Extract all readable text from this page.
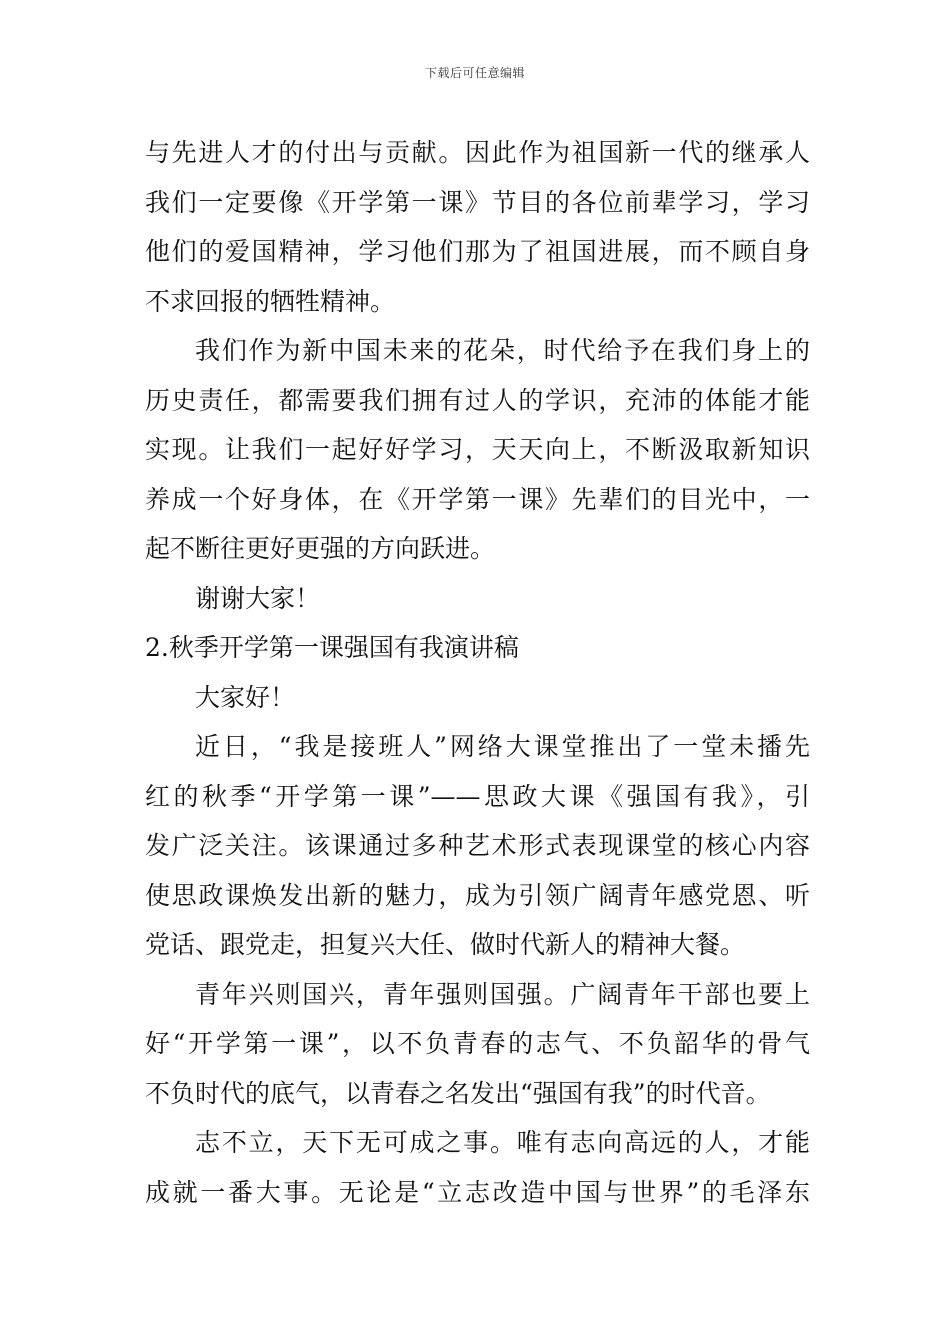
下载后可任意编辑
与先进人才的付出与贡献。因此作为祖国新一代的继承人
我们一定要像《开学第一课》节目的各位前辈学习，学习
他们的爱国精神，学习他们那为了祖国进展，而不顾自身
不求回报的牺牲精神。
我们作为新中国未来的花朵，时代给予在我们身上的
历史责任，都需要我们拥有过人的学识，充沛的体能才能
实现。让我们一起好好学习，天天向上，不断汲取新知识
养成一个好身体，在《开学第一课》先辈们的目光中，一
起不断往更好更强的方向跃进。
谢谢大家！
2.秋季开学第一课强国有我演讲稿
大家好！
近日，“我是接班人”网络大课堂推出了一堂未播先
红的秋季“开学第一课”——思政大课《强国有我》，引
发广泛关注。该课通过多种艺术形式表现课堂的核心内容
使思政课焕发出新的魅力，成为引领广阔青年感党恩、听
党话、跟党走，担复兴大任、做时代新人的精神大餐。
青年兴则国兴，青年强则国强。广阔青年干部也要上
好“开学第一课”，以不负青春的志气、不负韶华的骨气
不负时代的底气，以青春之名发出“强国有我”的时代音。
志不立，天下无可成之事。唯有志向高远的人，才能
成就一番大事。无论是“立志改造中国与世界”的毛泽东
